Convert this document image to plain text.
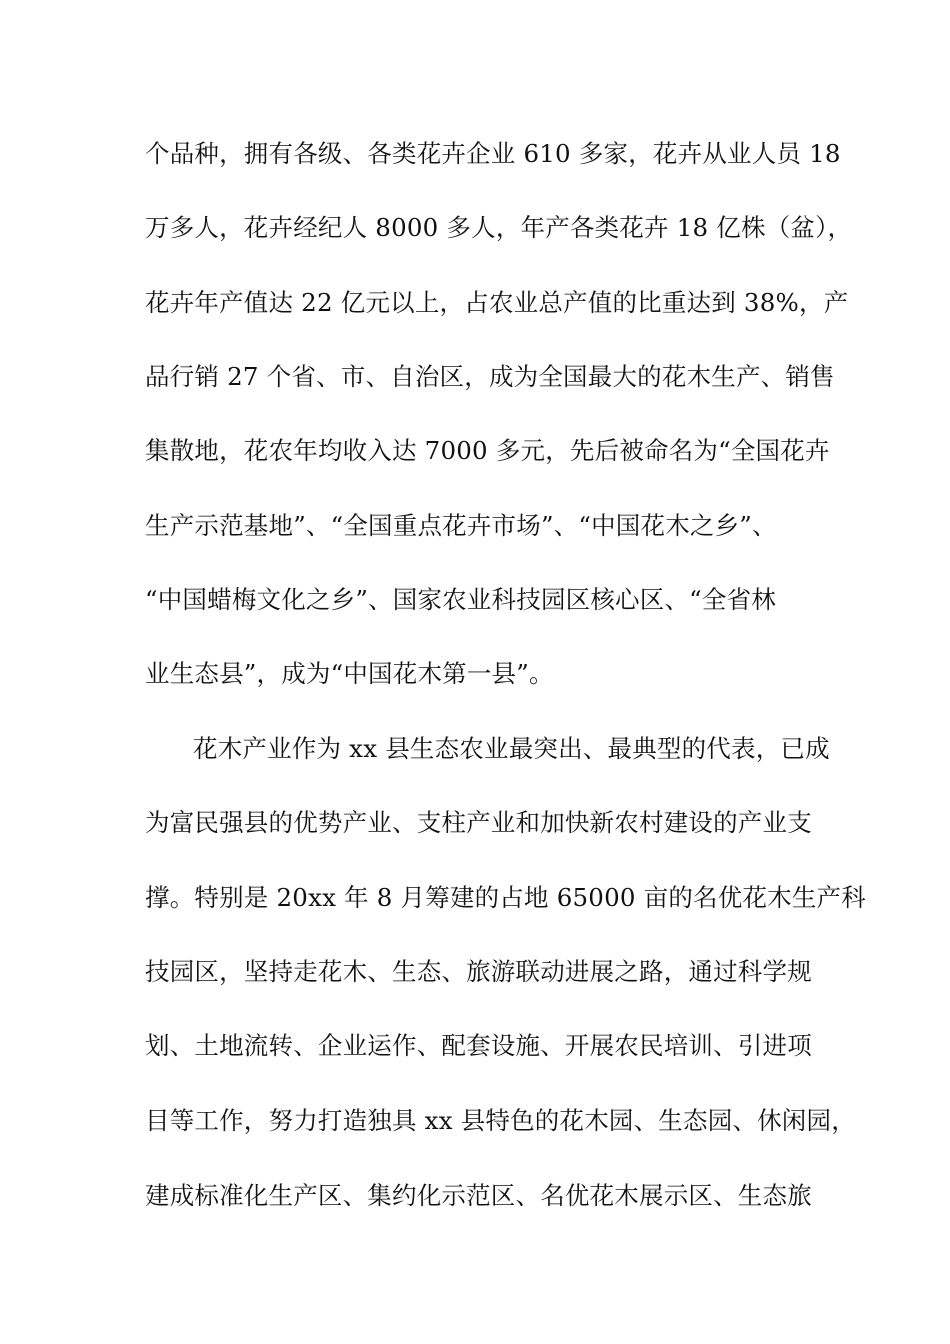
个品种，拥有各级、各类花卉企业 610 多家，花卉从业人员 18
万多人，花卉经纪人 8000 多人，年产各类花卉 18 亿株（盆），
花卉年产值达 22 亿元以上，占农业总产值的比重达到 38%，产
品行销 27 个省、市、自治区，成为全国最大的花木生产、销售
集散地，花农年均收入达 7000 多元，先后被命名为“全国花卉
生产示范基地”、“全国重点花卉市场”、“中国花木之乡”、
“中国蜡梅文化之乡”、国家农业科技园区核心区、“全省林
业生态县”，成为“中国花木第一县”。
花木产业作为 xx 县生态农业最突出、最典型的代表，已成
为富民强县的优势产业、支柱产业和加快新农村建设的产业支
撑。特别是 20xx 年 8 月筹建的占地 65000 亩的名优花木生产科
技园区，坚持走花木、生态、旅游联动进展之路，通过科学规
划、土地流转、企业运作、配套设施、开展农民培训、引进项
目等工作，努力打造独具 xx 县特色的花木园、生态园、休闲园，
建成标准化生产区、集约化示范区、名优花木展示区、生态旅
